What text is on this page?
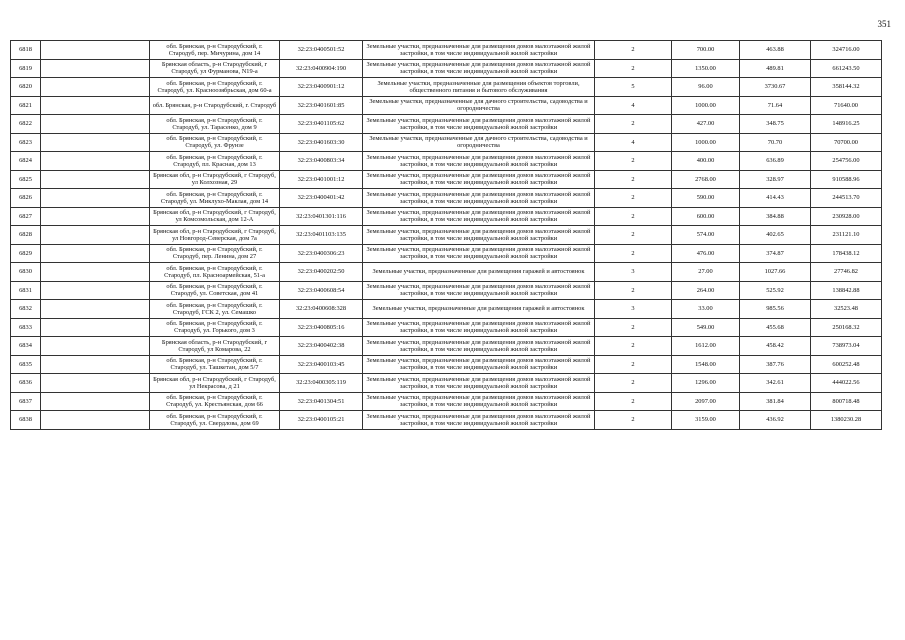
351
6818		обл. Брянская, р-н Стародубский, г. Стародуб, пер. Мичурина, дом 14	32:23:0400501:52	Земельные участки, предназначенные для размещения домов малоэтажной жилой застройки, в том числе индивидуальной жилой застройки	2	700.00	463.88	324716.00
6819		Брянская область, р-н Стародубский, г Стародуб, ул Фурманова, N19-а	32:23:0400904:190	Земельные участки, предназначенные для размещения домов малоэтажной жилой застройки, в том числе индивидуальной жилой застройки	2	1350.00	489.81	661243.50
6820		обл. Брянская, р-н Стародубский, г. Стародуб, ул. Красноозябрьская, дом 60-а	32:23:0400901:12	Земельные участки, предназначенные для размещения объектов торговли, общественного питания и бытового обслуживания	5	96.00	3730.67	358144.32
6821		обл. Брянская, р-н Стародубский, г. Стародуб	32:23:0401601:85	Земельные участки, предназначенные для дачного строительства, садоводства и огородничества	4	1000.00	71.64	71640.00
6822		обл. Брянская, р-н Стародубский, г. Стародуб, ул. Тарасенко, дом 9	32:23:0401105:62	Земельные участки, предназначенные для размещения домов малоэтажной жилой застройки, в том числе индивидуальной жилой застройки	2	427.00	348.75	148916.25
6823		обл. Брянская, р-н Стародубский, г. Стародуб, ул. Фрунзе	32:23:0401603:30	Земельные участки, предназначенные для дачного строительства, садоводства и огородничества	4	1000.00	70.70	70700.00
6824		обл. Брянская, р-н Стародубский, г. Стародуб, пл. Красная, дом 13	32:23:0400803:34	Земельные участки, предназначенные для размещения домов малоэтажной жилой застройки, в том числе индивидуальной жилой застройки	2	400.00	636.89	254756.00
6825		Брянская обл, р-н Стародубский, г Стародуб, ул Колхозная, 29	32:23:0401001:12	Земельные участки, предназначенные для размещения домов малоэтажной жилой застройки, в том числе индивидуальной жилой застройки	2	2768.00	328.97	910588.96
6826		обл. Брянская, р-н Стародубский, г. Стародуб, ул. Миклухо-Маклая, дом 14	32:23:0400401:42	Земельные участки, предназначенные для размещения домов малоэтажной жилой застройки, в том числе индивидуальной жилой застройки	2	590.00	414.43	244513.70
6827		Брянская обл, р-н Стародубский, г Стародуб, ул Комсомольская, дом 12-А	32:23:0401301:116	Земельные участки, предназначенные для размещения домов малоэтажной жилой застройки, в том числе индивидуальной жилой застройки	2	600.00	384.88	230928.00
6828		Брянская обл, р-н Стародубский, г Стародуб, ул Новгород-Северская, дом 7а	32:23:0401103:135	Земельные участки, предназначенные для размещения домов малоэтажной жилой застройки, в том числе индивидуальной жилой застройки	2	574.00	402.65	231121.10
6829		обл. Брянская, р-н Стародубский, г. Стародуб, пер. Ленина, дом 27	32:23:0400306:23	Земельные участки, предназначенные для размещения домов малоэтажной жилой застройки, в том числе индивидуальной жилой застройки	2	476.00	374.87	178438.12
6830		обл. Брянская, р-н Стародубский, г. Стародуб, пл. Красноармейская, 51-а	32:23:0400202:50	Земельные участки, предназначенные для размещения гаражей и автостоянок	3	27.00	1027.66	27746.82
6831		обл. Брянская, р-н Стародубский, г. Стародуб, ул. Советская, дом 41	32:23:0400608:54	Земельные участки, предназначенные для размещения домов малоэтажной жилой застройки, в том числе индивидуальной жилой застройки	2	264.00	525.92	138842.88
6832		обл. Брянская, р-н Стародубский, г. Стародуб, ГСК 2, ул. Семашко	32:23:0400608:328	Земельные участки, предназначенные для размещения гаражей и автостоянок	3	33.00	985.56	32523.48
6833		обл. Брянская, р-н Стародубский, г. Стародуб, ул. Горького, дом 3	32:23:0400805:16	Земельные участки, предназначенные для размещения домов малоэтажной жилой застройки, в том числе индивидуальной жилой застройки	2	549.00	455.68	250168.32
6834		Брянская область, р-н Стародубский, г Стародуб, ул Комарова, 22	32:23:0400402:38	Земельные участки, предназначенные для размещения домов малоэтажной жилой застройки, в том числе индивидуальной жилой застройки	2	1612.00	458.42	738973.04
6835		обл. Брянская, р-н Стародубский, г. Стародуб, ул. Ташкетан, дом 5/7	32:23:0400103:45	Земельные участки, предназначенные для размещения домов малоэтажной жилой застройки, в том числе индивидуальной жилой застройки	2	1548.00	387.76	600252.48
6836		Брянская обл, р-н Стародубский, г Стародуб, ул Некрасова, д 21	32:23:0400305:119	Земельные участки, предназначенные для размещения домов малоэтажной жилой застройки, в том числе индивидуальной жилой застройки	2	1296.00	342.61	444022.56
6837		обл. Брянская, р-н Стародубский, г. Стародуб, ул. Крестьянская, дом 66	32:23:0401304:51	Земельные участки, предназначенные для размещения домов малоэтажной жилой застройки, в том числе индивидуальной жилой застройки	2	2097.00	381.84	800718.48
6838		обл. Брянская, р-н Стародубский, г. Стародуб, ул. Свердлова, дом 69	32:23:0400105:21	Земельные участки, предназначенные для размещения домов малоэтажной жилой застройки, в том числе индивидуальной жилой застройки	2	3159.00	436.92	1380230.28
